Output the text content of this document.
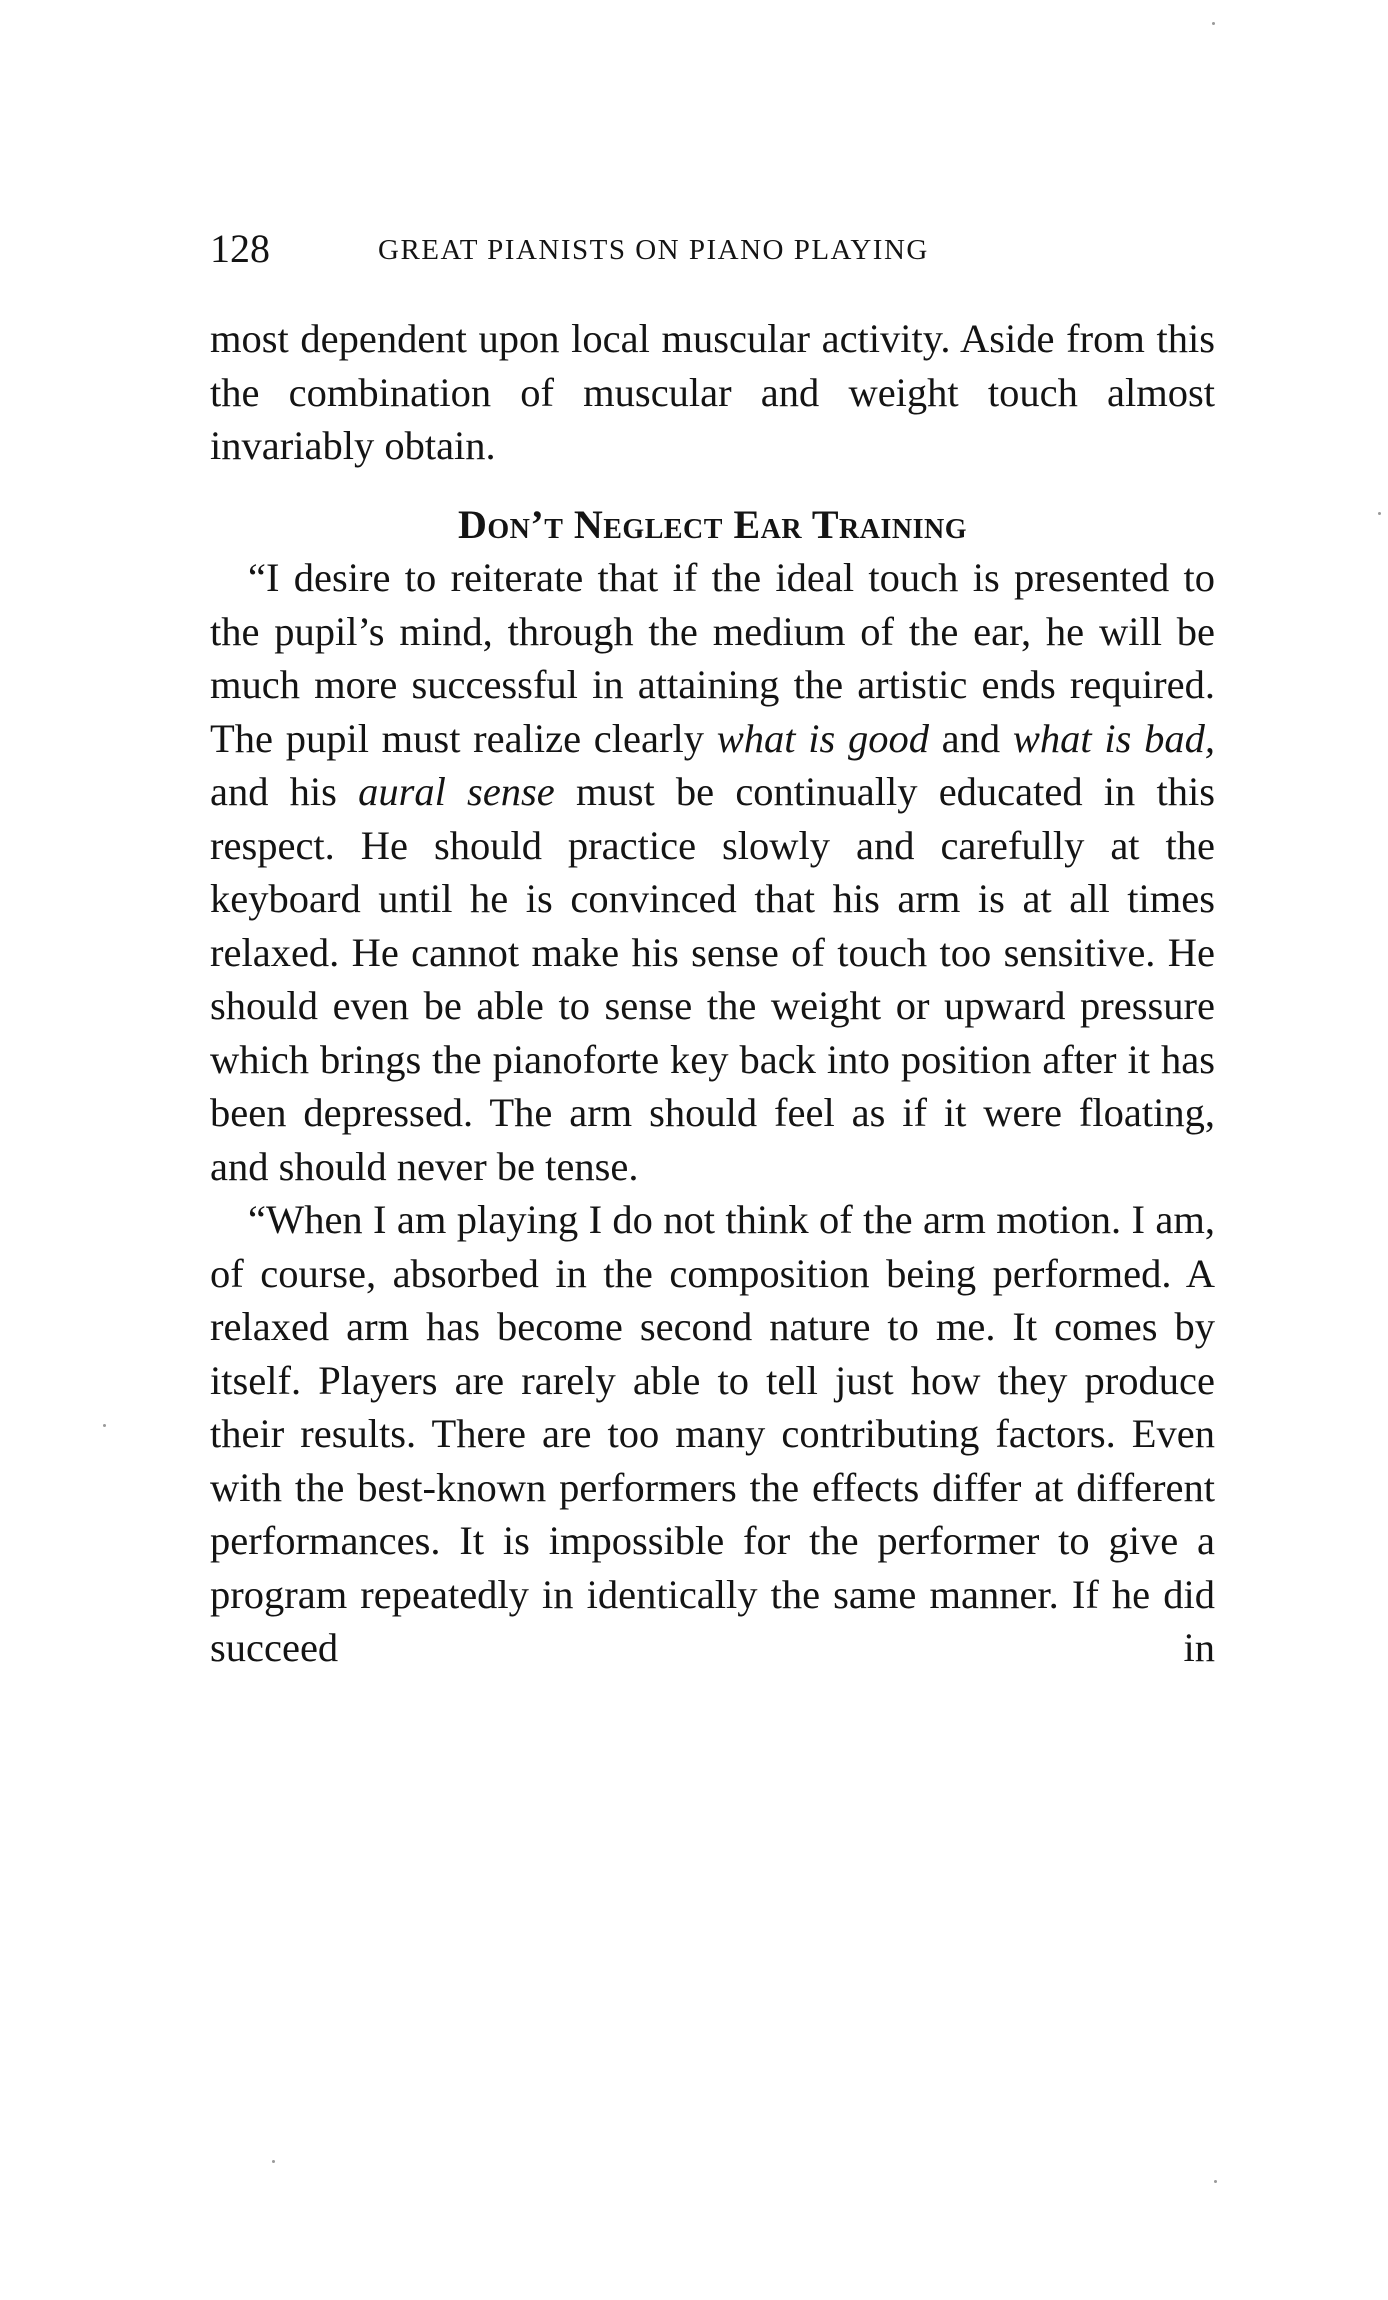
128	GREAT PIANISTS ON PIANO PLAYING

most dependent upon local muscular activity. Aside from this the combination of muscular and weight touch almost invariably obtain.

Don’t Neglect Ear Training

“I desire to reiterate that if the ideal touch is presented to the pupil’s mind, through the medium of the ear, he will be much more successful in attaining the artistic ends required. The pupil must realize clearly what is good and what is bad, and his aural sense must be continually educated in this respect. He should practice slowly and carefully at the keyboard until he is convinced that his arm is at all times relaxed. He cannot make his sense of touch too sensitive. He should even be able to sense the weight or upward pressure which brings the pianoforte key back into position after it has been depressed. The arm should feel as if it were floating, and should never be tense.

“When I am playing I do not think of the arm motion. I am, of course, absorbed in the composition being performed. A relaxed arm has become second nature to me. It comes by itself. Players are rarely able to tell just how they produce their results. There are too many contributing factors. Even with the best-known performers the effects differ at different performances. It is impossible for the performer to give a program repeatedly in identically the same manner. If he did succeed in
